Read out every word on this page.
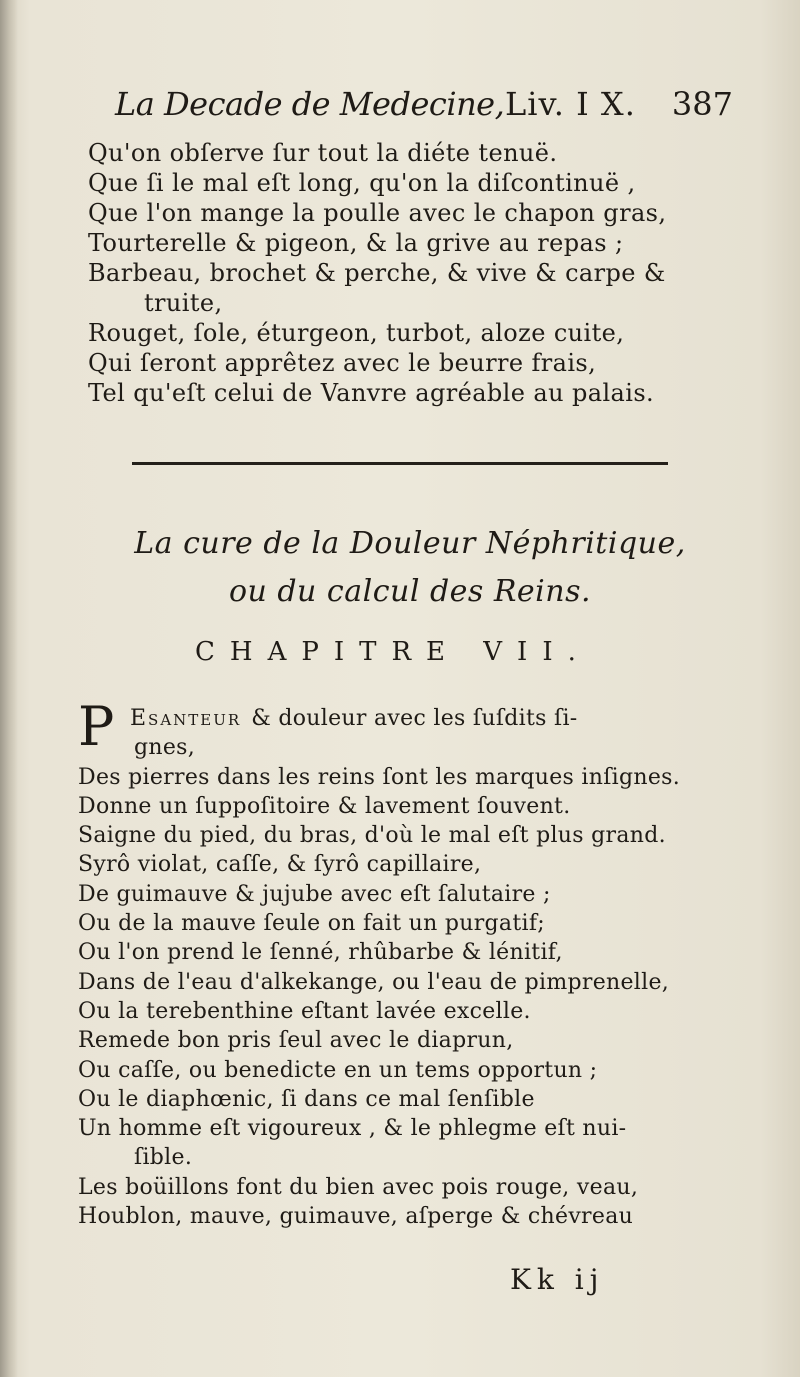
La Decade de Medecine, Liv. I X. 387
Qu'on obſerve ſur tout la diéte tenuë.
Que ſi le mal eſt long, qu'on la diſcontinuë ,
Que l'on mange la poulle avec le chapon gras,
Tourterelle & pigeon, & la grive au repas ;
Barbeau, brochet & perche, & vive & carpe &
truite,
Rouget, ſole, éturgeon, turbot, aloze cuite,
Qui ſeront apprêtez avec le beurre frais,
Tel qu'eſt celui de Vanvre agréable au palais.
La cure de la Douleur Néphritique,
ou du calcul des Reins.
CHAPITRE VII.
P Esanteur & douleur avec les ſuſdits ſi-
gnes,
Des pierres dans les reins ſont les marques inſignes.
Donne un ſuppoſitoire & lavement ſouvent.
Saigne du pied, du bras, d'où le mal eſt plus grand.
Syrô violat, caſſe, & ſyrô capillaire,
De guimauve & jujube avec eſt ſalutaire ;
Ou de la mauve ſeule on fait un purgatif;
Ou l'on prend le ſenné, rhûbarbe & lénitif,
Dans de l'eau d'alkekange, ou l'eau de pimprenelle,
Ou la terebenthine eſtant lavée excelle.
Remede bon pris ſeul avec le diaprun,
Ou caſſe, ou benedicte en un tems opportun ;
Ou le diaphœnic, ſi dans ce mal ſenſible
Un homme eſt vigoureux , & le phlegme eſt nui-
ſible.
Les boüillons font du bien avec pois rouge, veau,
Houblon, mauve, guimauve, aſperge & chévreau
Kk ij
